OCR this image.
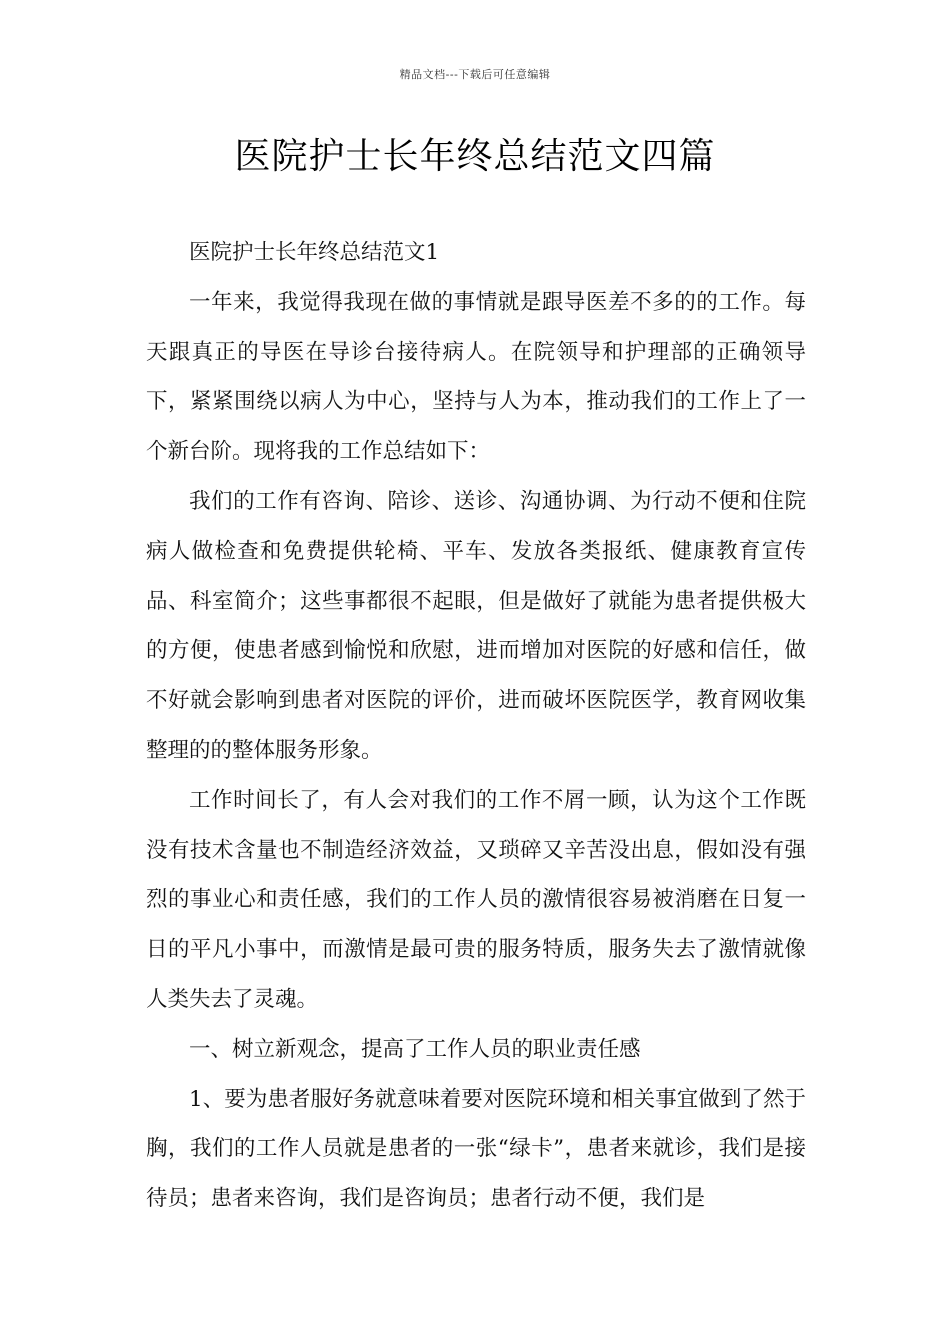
精品文档---下载后可任意编辑
医院护士长年终总结范文四篇

医院护士长年终总结范文1

一年来，我觉得我现在做的事情就是跟导医差不多的的工作。每天跟真正的导医在导诊台接待病人。在院领导和护理部的正确领导下，紧紧围绕以病人为中心，坚持与人为本，推动我们的工作上了一个新台阶。现将我的工作总结如下：

我们的工作有咨询、陪诊、送诊、沟通协调、为行动不便和住院病人做检查和免费提供轮椅、平车、发放各类报纸、健康教育宣传品、科室简介；这些事都很不起眼，但是做好了就能为患者提供极大的方便，使患者感到愉悦和欣慰，进而增加对医院的好感和信任，做不好就会影响到患者对医院的评价，进而破坏医院医学，教育网收集整理的的整体服务形象。

工作时间长了，有人会对我们的工作不屑一顾，认为这个工作既没有技术含量也不制造经济效益，又琐碎又辛苦没出息，假如没有强烈的事业心和责任感，我们的工作人员的激情很容易被消磨在日复一日的平凡小事中，而激情是最可贵的服务特质，服务失去了激情就像人类失去了灵魂。

一、树立新观念，提高了工作人员的职业责任感

1、要为患者服好务就意味着要对医院环境和相关事宜做到了然于胸，我们的工作人员就是患者的一张“绿卡”，患者来就诊，我们是接待员；患者来咨询，我们是咨询员；患者行动不便，我们是
